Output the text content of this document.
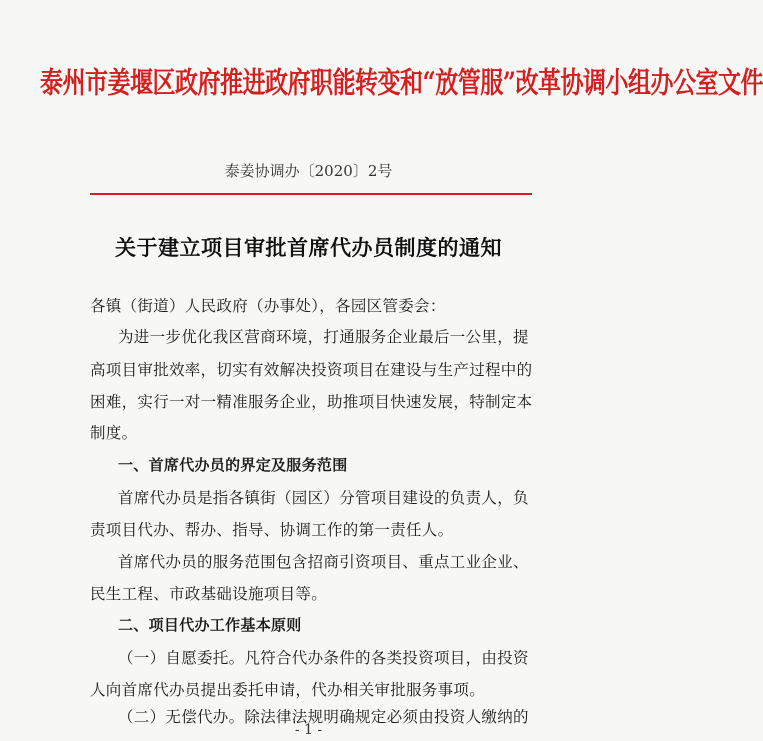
泰州市姜堰区政府推进政府职能转变和“放管服”改革协调小组办公室文件
泰姜协调办〔2020〕2号
关于建立项目审批首席代办员制度的通知
各镇（街道）人民政府（办事处），各园区管委会：
为进一步优化我区营商环境，打通服务企业最后一公里，提
高项目审批效率，切实有效解决投资项目在建设与生产过程中的
困难，实行一对一精准服务企业，助推项目快速发展，特制定本
制度。
一、首席代办员的界定及服务范围
首席代办员是指各镇街（园区）分管项目建设的负责人，负
责项目代办、帮办、指导、协调工作的第一责任人。
首席代办员的服务范围包含招商引资项目、重点工业企业、
民生工程、市政基础设施项目等。
二、项目代办工作基本原则
（一）自愿委托。凡符合代办条件的各类投资项目，由投资
人向首席代办员提出委托申请，代办相关审批服务事项。
（二）无偿代办。除法律法规明确规定必须由投资人缴纳的
- 1 -
